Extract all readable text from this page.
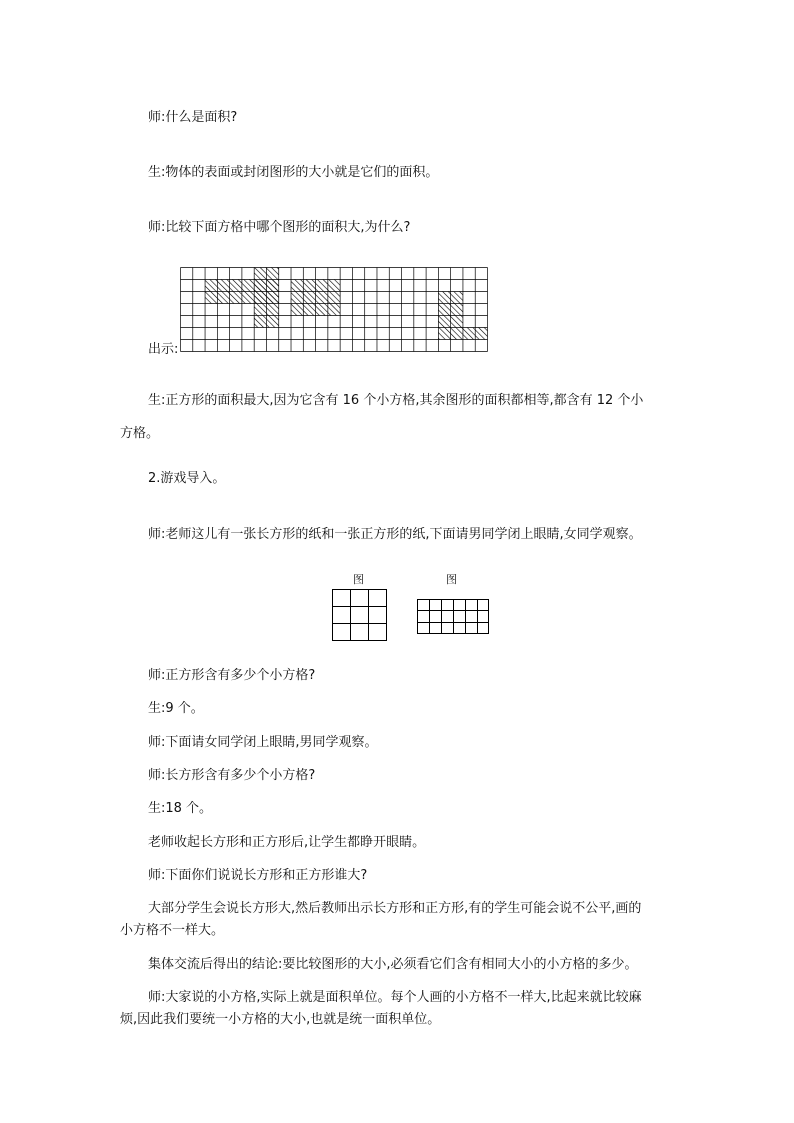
师:什么是面积?
生:物体的表面或封闭图形的大小就是它们的面积。
师:比较下面方格中哪个图形的面积大,为什么?
出示:
生:正方形的面积最大,因为它含有 16 个小方格,其余图形的面积都相等,都含有 12 个小
方格。
2.游戏导入。
师:老师这儿有一张长方形的纸和一张正方形的纸,下面请男同学闭上眼睛,女同学观察。
图	图
师:正方形含有多少个小方格?
生:9 个。
师:下面请女同学闭上眼睛,男同学观察。
师:长方形含有多少个小方格?
生:18 个。
老师收起长方形和正方形后,让学生都睁开眼睛。
师:下面你们说说长方形和正方形谁大?
大部分学生会说长方形大,然后教师出示长方形和正方形,有的学生可能会说不公平,画的小方格不一样大。
集体交流后得出的结论:要比较图形的大小,必须看它们含有相同大小的小方格的多少。
师:大家说的小方格,实际上就是面积单位。每个人画的小方格不一样大,比起来就比较麻烦,因此我们要统一小方格的大小,也就是统一面积单位。
